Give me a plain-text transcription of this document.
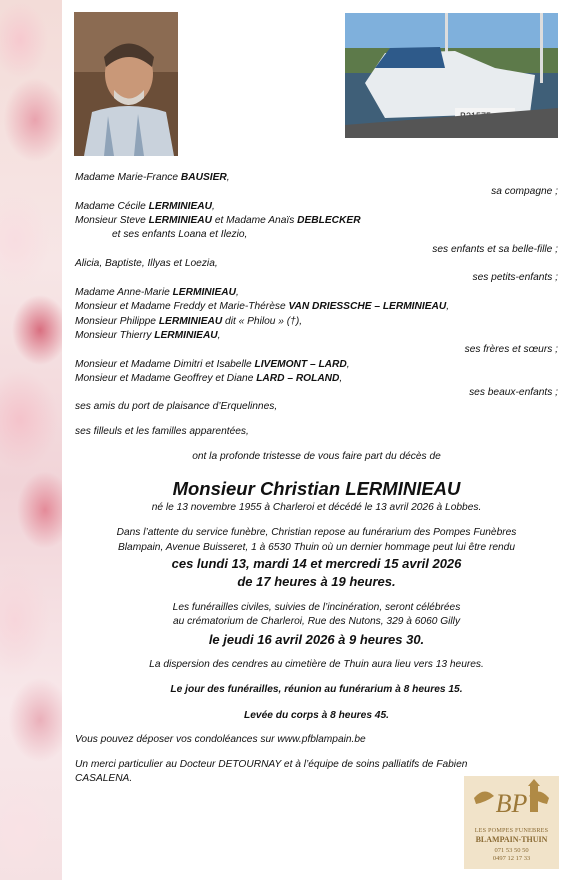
Madame Marie-France BAUSIER,
sa compagne ;
Madame Cécile LERMINIEAU,
Monsieur Steve LERMINIEAU et Madame Anaïs DEBLECKER
et ses enfants Loana et Ilezio,
ses enfants et sa belle-fille ;
Alicia, Baptiste, Illyas et Loezia,
ses petits-enfants ;
Madame Anne-Marie LERMINIEAU,
Monsieur et Madame Freddy et Marie-Thérèse VAN DRIESSCHE – LERMINIEAU,
Monsieur Philippe LERMINIEAU dit « Philou » (†),
Monsieur Thierry LERMINIEAU,
ses frères et sœurs ;
Monsieur et Madame Dimitri et Isabelle LIVEMONT – LARD,
Monsieur et Madame Geoffrey et Diane LARD – ROLAND,
ses beaux-enfants ;
ses amis du port de plaisance d’Erquelinnes,
ses filleuls et les familles apparentées,
ont la profonde tristesse de vous faire part du décès de
Monsieur Christian LERMINIEAU
né le 13 novembre 1955 à Charleroi et décédé le 13 avril 2026 à Lobbes.
Dans l’attente du service funèbre, Christian repose au funérarium des Pompes Funèbres
Blampain, Avenue Buisseret, 1 à 6530 Thuin où un dernier hommage peut lui être rendu
ces lundi 13, mardi 14 et mercredi 15 avril 2026
de 17 heures à 19 heures.
Les funérailles civiles, suivies de l’incinération, seront célébrées
au crématorium de Charleroi, Rue des Nutons, 329 à 6060 Gilly
le jeudi 16 avril 2026 à 9 heures 30.
La dispersion des cendres au cimetière de Thuin aura lieu vers 13 heures.
Le jour des funérailles, réunion au funérarium à 8 heures 15.
Levée du corps à 8 heures 45.
Vous pouvez déposer vos condoléances sur www.pfblampain.be
Un merci particulier au Docteur DETOURNAY et à l’équipe de soins palliatifs de Fabien
CASALENA.
BP
LES POMPES FUNEBRES
BLAMPAIN-THUIN
071 53 50 50
0497 12 17 33
